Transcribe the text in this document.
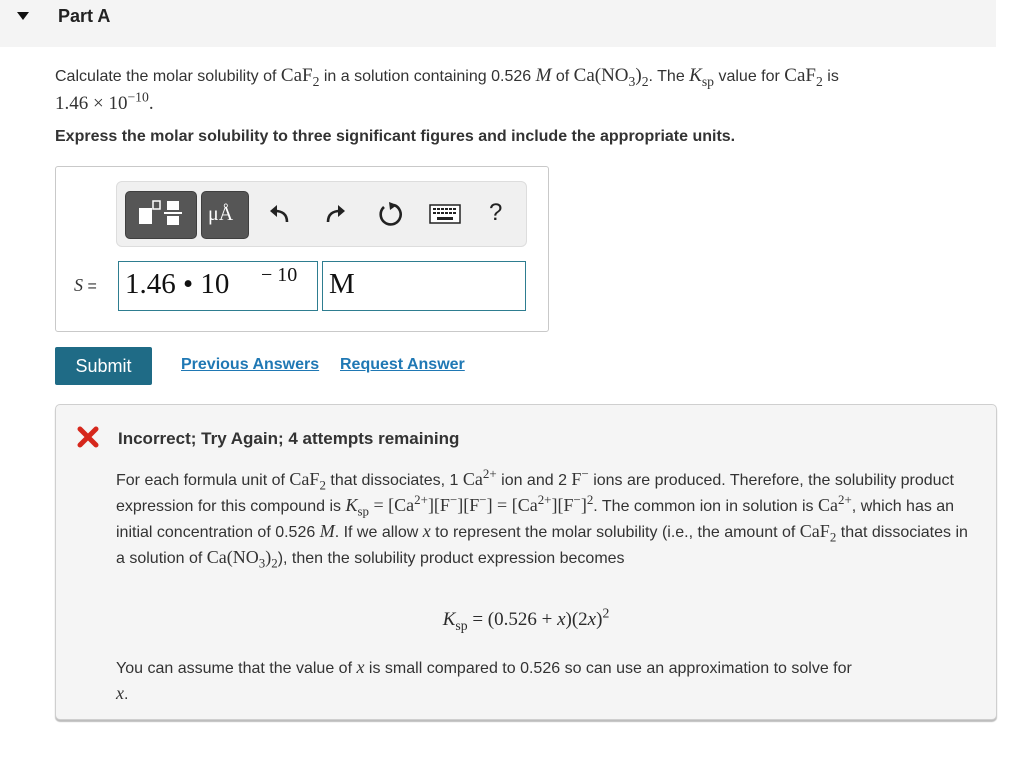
Part A
Calculate the molar solubility of CaF$_2$ in a solution containing 0.526 M of $Ca(NO_3)_2$. The $K_{sp}$ value for CaF$_2$ is
$1.46 \times 10^{-10}$.
Express the molar solubility to three significant figures and include the appropriate units.
μÅ	?
S = 1.46 • 10 − 10 M
Submit	Previous Answers Request Answer
Incorrect; Try Again; 4 attempts remaining
For each formula unit of CaF$_2$ that dissociates, 1 $Ca^{2+}$ ion and 2 F− ions are produced. Therefore, the solubility product expression for this compound is $K_{sp} = [Ca^{2+}][F^-][F^-] = [Ca^{2+}][F^-]^2$. The common ion in solution is $Ca^{2+}$, which has an initial concentration of 0.526 M. If we allow x to represent the molar solubility (i.e., the amount of CaF$_2$ that dissociates in a solution of $Ca(NO_3)_2$), then the solubility product expression becomes
$K_{sp} = (0.526 + x)(2x)^2$
You can assume that the value of x is small compared to 0.526 so can use an approximation to solve for
x.
